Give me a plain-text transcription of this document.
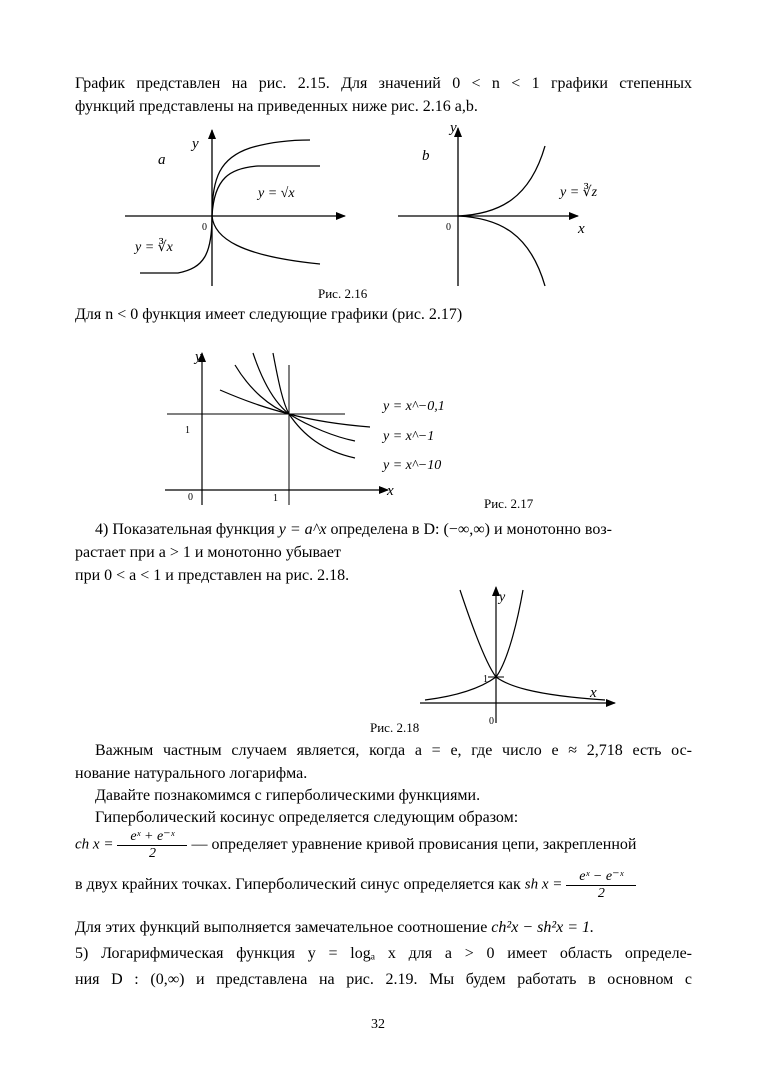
График представлен на рис. 2.15. Для значений 0 < n < 1 графики степенных
функций представлены на приведенных ниже рис. 2.16 a,b.
a
y
0
y = √x
y = ∛x
b
y
0	x
y = ∛z
Рис. 2.16
Для n < 0 функция имеет следующие графики (рис. 2.17)
y
x
0
1
1
y = x^−0,1
y = x^−1
y = x^−10
Рис. 2.17
4) Показательная функция y = a^x определена в D: (−∞,∞) и монотонно воз-
растает при a > 1 и монотонно убывает
при 0 < a < 1 и представлен на рис. 2.18.
y
x
0
1
Рис. 2.18
Важным частным случаем является, когда a = e, где число e ≈ 2,718 есть ос-
нование натурального логарифма.
Давайте познакомимся с гиперболическими функциями.
Гиперболический косинус определяется следующим образом:
ch $x = \frac{\text{eˣ + e⁻ˣ}}{2}$ — определяет уравнение кривой провисания цепи, закрепленной
в двух крайних точках. Гиперболический синус определяется как sh $x = \frac{\text{eˣ − e⁻ˣ}}{2}$
Для этих функций выполняется замечательное соотношение ch²x − sh²x = 1.
5) Логарифмическая функция y = logₐ x для a > 0 имеет область определе-
ния D : (0,∞) и представлена на рис. 2.19. Мы будем работать в основном с
32
